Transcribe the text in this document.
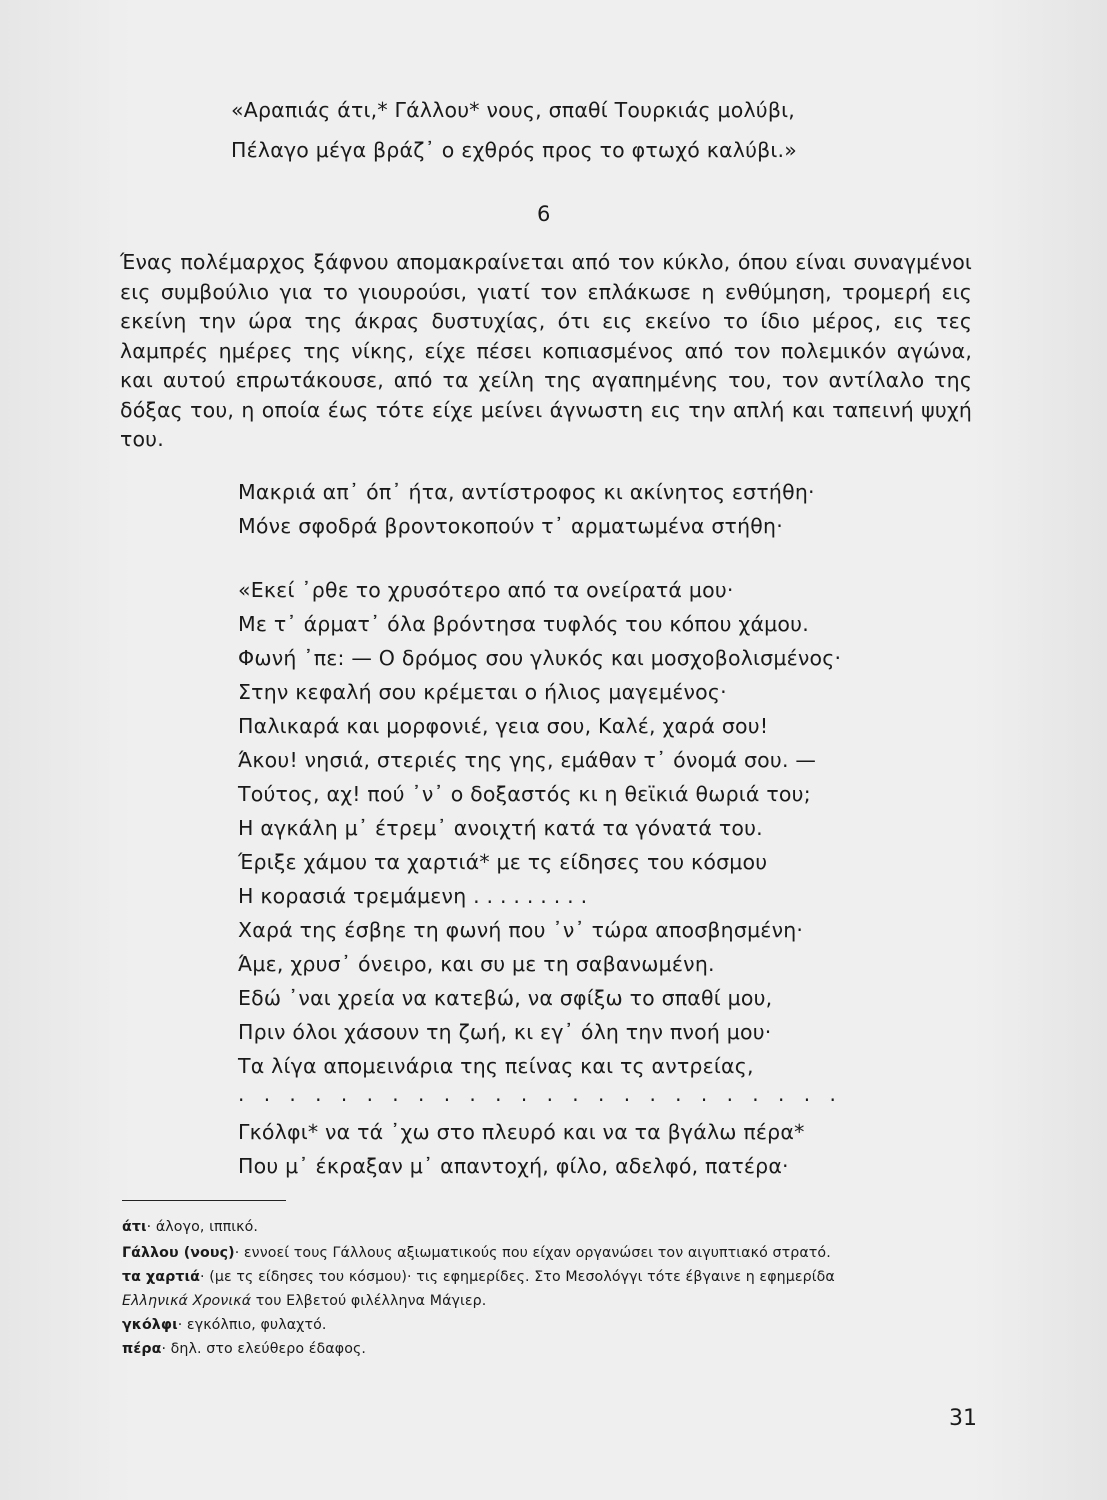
«Αραπιάς άτι,* Γάλλου* νους, σπαθί Τουρκιάς μολύβι,
Πέλαγο μέγα βράζ᾽ ο εχθρός προς το φτωχό καλύβι.»
6

Ένας πολέμαρχος ξάφνου απομακραίνεται από τον κύκλο, όπου είναι συναγμένοι εις συμβούλιο για το γιουρούσι, γιατί τον επλάκωσε η ενθύμηση, τρομερή εις εκείνη την ώρα της άκρας δυστυχίας, ότι εις εκείνο το ίδιο μέρος, εις τες λαμπρές ημέρες της νίκης, είχε πέσει κοπιασμένος από τον πολεμικόν αγώνα, και αυτού επρωτάκουσε, από τα χείλη της αγαπημένης του, τον αντίλαλο της δόξας του, η οποία έως τότε είχε μείνει άγνωστη εις την απλή και ταπεινή ψυχή του.

Μακριά απ᾽ όπ᾽ ήτα, αντίστροφος κι ακίνητος εστήθη·
Μόνε σφοδρά βροντοκοπούν τ᾽ αρματωμένα στήθη·
«Εκεί ᾽ρθε το χρυσότερο από τα ονείρατά μου·
Με τ᾽ άρματ᾽ όλα βρόντησα τυφλός του κόπου χάμου.
Φωνή ᾽πε: — Ο δρόμος σου γλυκός και μοσχοβολισμένος·
Στην κεφαλή σου κρέμεται ο ήλιος μαγεμένος·
Παλικαρά και μορφονιέ, γεια σου, Καλέ, χαρά σου!
Άκου! νησιά, στεριές της γης, εμάθαν τ᾽ όνομά σου. —
Τούτος, αχ! πού ᾽ν᾽ ο δοξαστός κι η θεϊκιά θωριά του;
Η αγκάλη μ᾽ έτρεμ᾽ ανοιχτή κατά τα γόνατά του.
Έριξε χάμου τα χαρτιά* με τς είδησες του κόσμου
Η κορασιά τρεμάμενη . . . . . . . . .
Χαρά της έσβηε τη φωνή που ᾽ν᾽ τώρα αποσβησμένη·
Άμε, χρυσ᾽ όνειρο, και συ με τη σαβανωμένη.
Εδώ ᾽ναι χρεία να κατεβώ, να σφίξω το σπαθί μου,
Πριν όλοι χάσουν τη ζωή, κι εγ᾽ όλη την πνοή μου·
Τα λίγα απομεινάρια της πείνας και τς αντρείας,
. . . . . . . . . . . . . . . . . . . . . . . .
Γκόλφι* να τά ᾽χω στο πλευρό και να τα βγάλω πέρα*
Που μ᾽ έκραξαν μ᾽ απαντοχή, φίλο, αδελφό, πατέρα·
άτι· άλογο, ιππικό.
Γάλλου (νους)· εννοεί τους Γάλλους αξιωματικούς που είχαν οργανώσει τον αιγυπτιακό στρατό.
τα χαρτιά· (με τς είδησες του κόσμου)· τις εφημερίδες. Στο Μεσολόγγι τότε έβγαινε η εφημερίδα
Ελληνικά Χρονικά του Ελβετού φιλέλληνα Μάγιερ.
γκόλφι· εγκόλπιο, φυλαχτό.
πέρα· δηλ. στο ελεύθερο έδαφος.
31
